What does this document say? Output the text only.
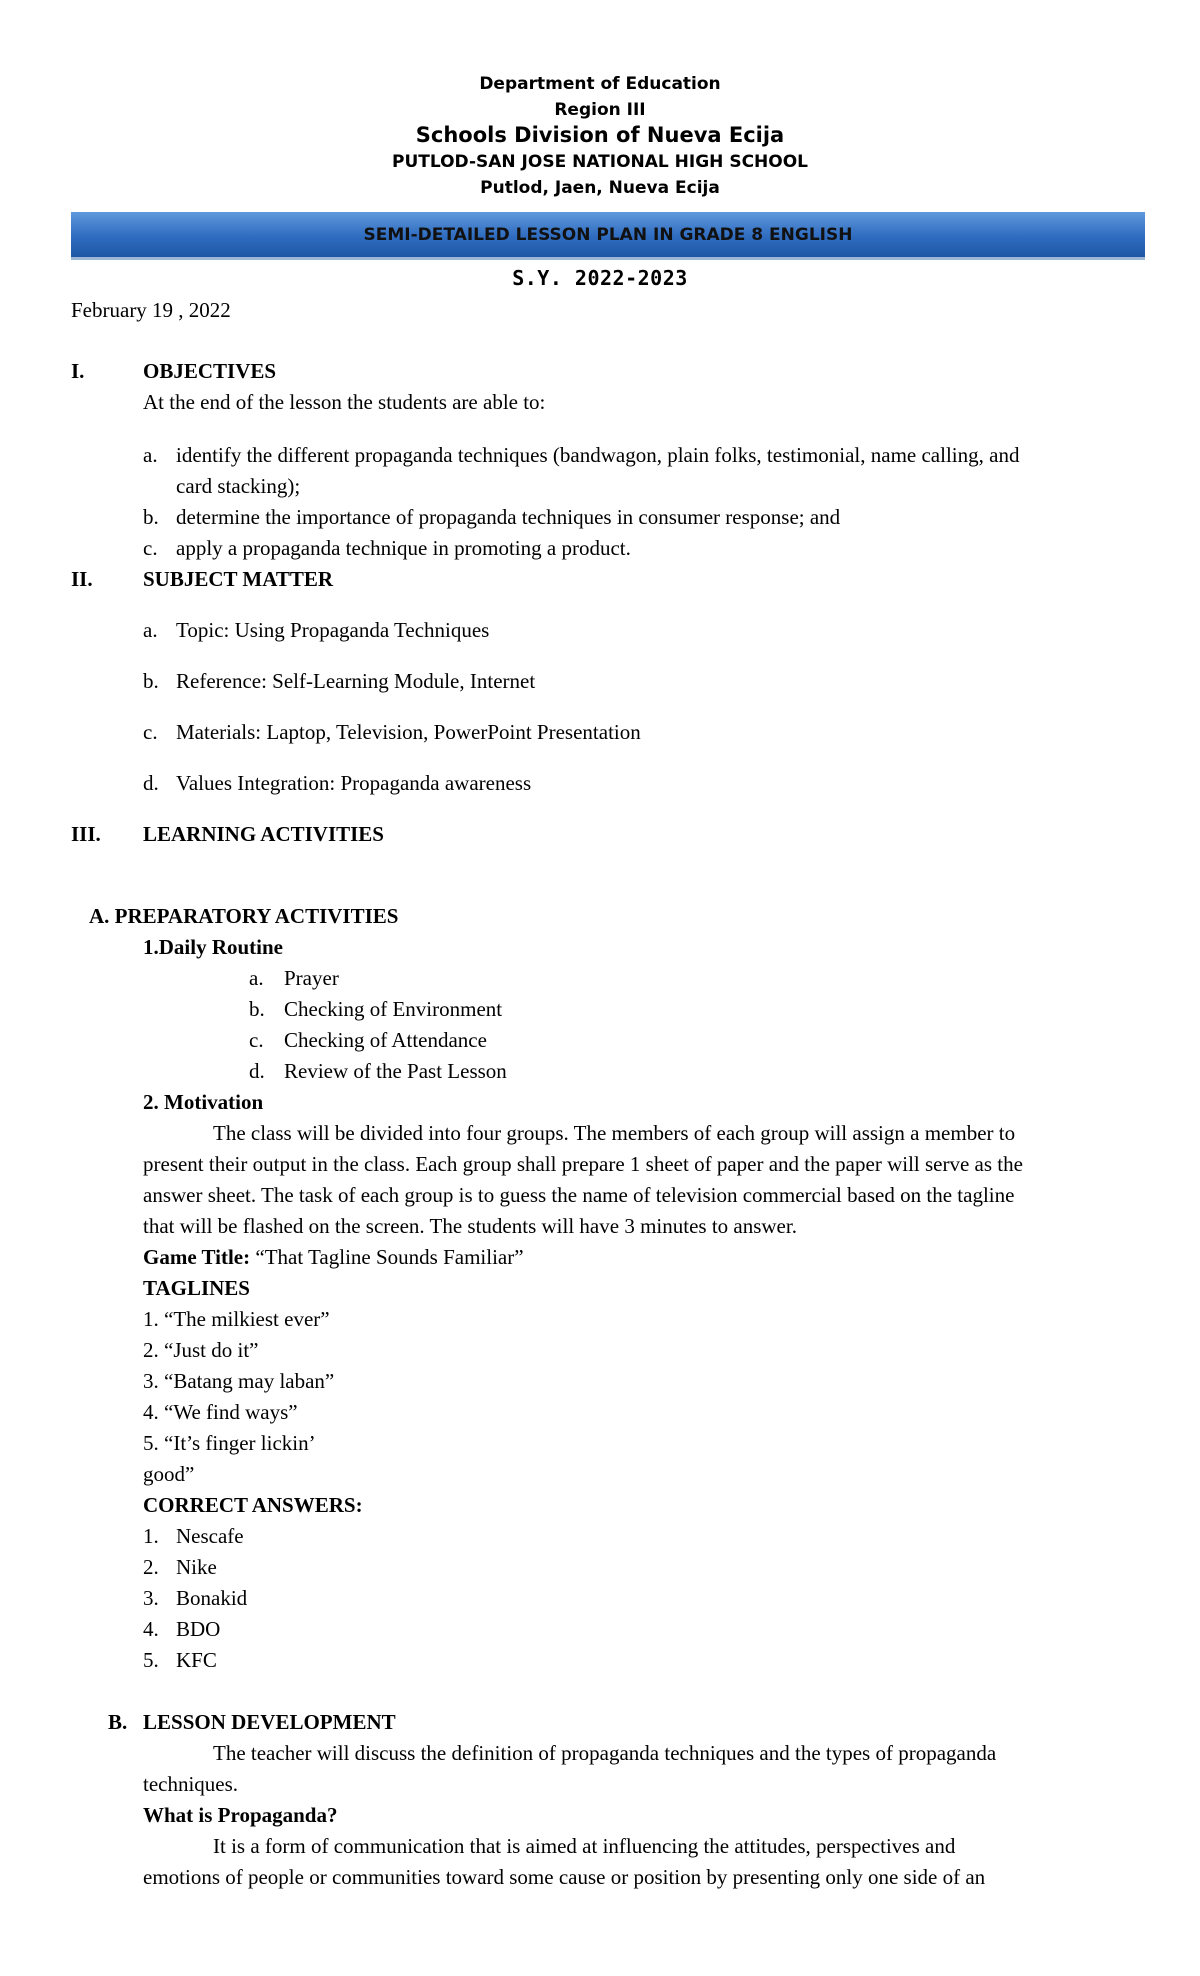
Department of Education
Region III
Schools Division of Nueva Ecija
PUTLOD-SAN JOSE NATIONAL HIGH SCHOOL
Putlod, Jaen, Nueva Ecija
SEMI-DETAILED LESSON PLAN IN GRADE 8 ENGLISH
S.Y. 2022-2023
February 19 , 2022
I.	OBJECTIVES
At the end of the lesson the students are able to:
a. identify the different propaganda techniques (bandwagon, plain folks, testimonial, name calling, and
card stacking);
b. determine the importance of propaganda techniques in consumer response; and
c. apply a propaganda technique in promoting a product.
II. SUBJECT MATTER
a. Topic: Using Propaganda Techniques
b. Reference: Self-Learning Module, Internet
c. Materials: Laptop, Television, PowerPoint Presentation
d. Values Integration: Propaganda awareness
III. LEARNING ACTIVITIES
A. PREPARATORY ACTIVITIES
1.Daily Routine
a. Prayer
b. Checking of Environment
c. Checking of Attendance
d. Review of the Past Lesson
2. Motivation
The class will be divided into four groups. The members of each group will assign a member to
present their output in the class. Each group shall prepare 1 sheet of paper and the paper will serve as the
answer sheet. The task of each group is to guess the name of television commercial based on the tagline
that will be flashed on the screen. The students will have 3 minutes to answer.
Game Title: “That Tagline Sounds Familiar”
TAGLINES
1. “The milkiest ever”
2. “Just do it”
3. “Batang may laban”
4. “We find ways”
5. “It’s finger lickin’
good”
CORRECT ANSWERS:
1. Nescafe
2. Nike
3. Bonakid
4. BDO
5. KFC
B. LESSON DEVELOPMENT
The teacher will discuss the definition of propaganda techniques and the types of propaganda
techniques.
What is Propaganda?
It is a form of communication that is aimed at influencing the attitudes, perspectives and
emotions of people or communities toward some cause or position by presenting only one side of an
